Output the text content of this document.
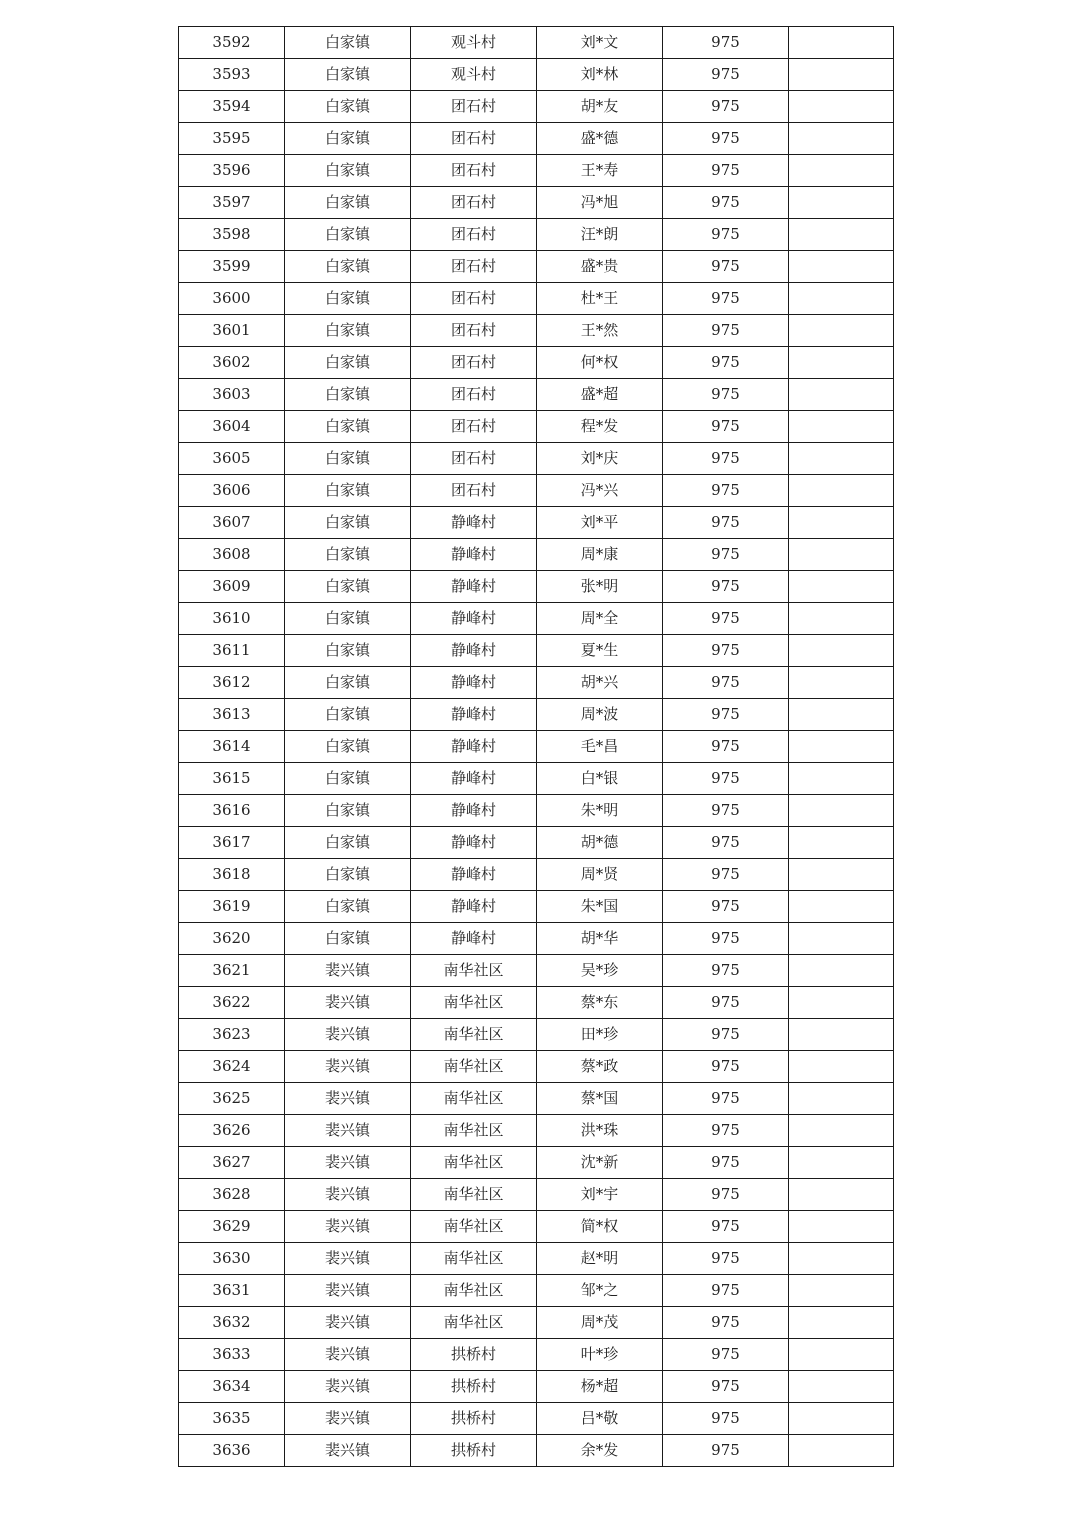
3592	白家镇	观斗村	刘*文	975	
3593	白家镇	观斗村	刘*林	975	
3594	白家镇	团石村	胡*友	975	
3595	白家镇	团石村	盛*德	975	
3596	白家镇	团石村	王*寿	975	
3597	白家镇	团石村	冯*旭	975	
3598	白家镇	团石村	汪*朗	975	
3599	白家镇	团石村	盛*贵	975	
3600	白家镇	团石村	杜*王	975	
3601	白家镇	团石村	王*然	975	
3602	白家镇	团石村	何*权	975	
3603	白家镇	团石村	盛*超	975	
3604	白家镇	团石村	程*发	975	
3605	白家镇	团石村	刘*庆	975	
3606	白家镇	团石村	冯*兴	975	
3607	白家镇	静峰村	刘*平	975	
3608	白家镇	静峰村	周*康	975	
3609	白家镇	静峰村	张*明	975	
3610	白家镇	静峰村	周*全	975	
3611	白家镇	静峰村	夏*生	975	
3612	白家镇	静峰村	胡*兴	975	
3613	白家镇	静峰村	周*波	975	
3614	白家镇	静峰村	毛*昌	975	
3615	白家镇	静峰村	白*银	975	
3616	白家镇	静峰村	朱*明	975	
3617	白家镇	静峰村	胡*德	975	
3618	白家镇	静峰村	周*贤	975	
3619	白家镇	静峰村	朱*国	975	
3620	白家镇	静峰村	胡*华	975	
3621	裴兴镇	南华社区	吴*珍	975	
3622	裴兴镇	南华社区	蔡*东	975	
3623	裴兴镇	南华社区	田*珍	975	
3624	裴兴镇	南华社区	蔡*政	975	
3625	裴兴镇	南华社区	蔡*国	975	
3626	裴兴镇	南华社区	洪*珠	975	
3627	裴兴镇	南华社区	沈*新	975	
3628	裴兴镇	南华社区	刘*宇	975	
3629	裴兴镇	南华社区	简*权	975	
3630	裴兴镇	南华社区	赵*明	975	
3631	裴兴镇	南华社区	邹*之	975	
3632	裴兴镇	南华社区	周*茂	975	
3633	裴兴镇	拱桥村	叶*珍	975	
3634	裴兴镇	拱桥村	杨*超	975	
3635	裴兴镇	拱桥村	吕*敬	975	
3636	裴兴镇	拱桥村	余*发	975	
